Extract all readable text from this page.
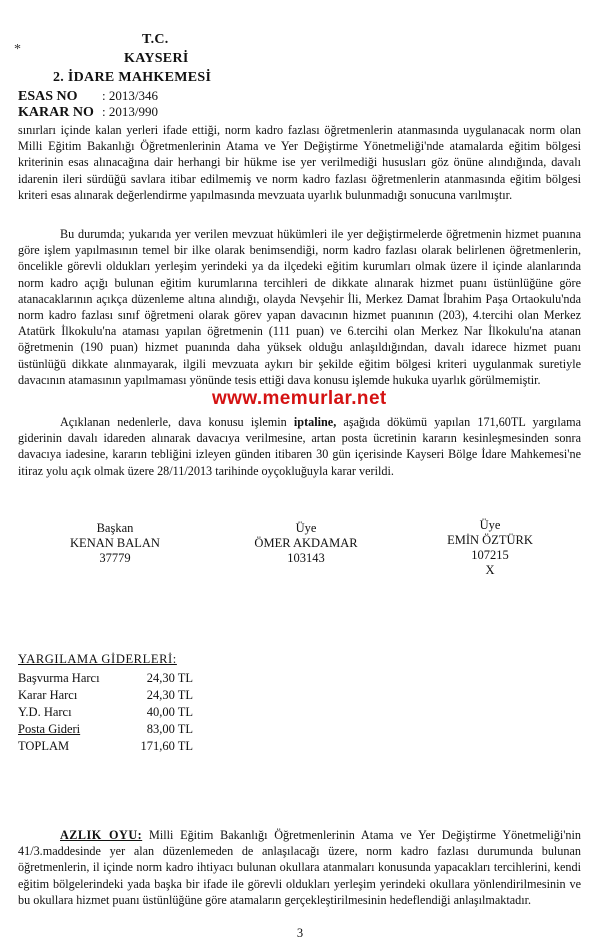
*
T.C.
KAYSERİ
2. İDARE MAHKEMESİ
ESAS NO : 2013/346
KARAR NO : 2013/990

sınırları içinde kalan yerleri ifade ettiği, norm kadro fazlası öğretmenlerin atanmasında uygulanacak norm olan Milli Eğitim Bakanlığı Öğretmenlerinin Atama ve Yer Değiştirme Yönetmeliği'nde atamalarda eğitim bölgesi kriterinin esas alınacağına dair herhangi bir hükme ise yer verilmediği hususları göz önüne alındığında, davalı idarenin ileri sürdüğü savlara itibar edilmemiş ve norm kadro fazlası öğretmenlerin atanmasında eğitim bölgesi kriteri esas alınarak değerlendirme yapılmasında mevzuata uyarlık bulunmadığı sonucuna varılmıştır.

Bu durumda; yukarıda yer verilen mevzuat hükümleri ile yer değiştirmelerde öğretmenin hizmet puanına göre işlem yapılmasının temel bir ilke olarak benimsendiği, norm kadro fazlası olarak belirlenen öğretmenlerin, öncelikle görevli oldukları yerleşim yerindeki ya da ilçedeki eğitim kurumları olmak üzere il içinde alanlarında norm kadro açığı bulunan eğitim kurumlarına tercihleri de dikkate alınarak hizmet puanı üstünlüğüne göre atanacaklarının açıkça düzenleme altına alındığı, olayda Nevşehir İli, Merkez Damat İbrahim Paşa Ortaokulu'nda norm kadro fazlası sınıf öğretmeni olarak görev yapan davacının hizmet puanının (203), 4.tercihi olan Merkez Atatürk İlkokulu'na ataması yapılan öğretmenin (111 puan) ve 6.tercihi olan Merkez Nar İlkokulu'na atanan öğretmenin (190 puan) hizmet puanında daha yüksek olduğu anlaşıldığından, davalı idarece hizmet puanı üstünlüğü dikkate alınmayarak, ilgili mevzuata aykırı bir şekilde eğitim bölgesi kriteri uygulanmak suretiyle davacının atamasının yapılmaması yönünde tesis ettiği dava konusu işlemde hukuka uyarlık görülmemiştir.

Açıklanan nedenlerle, dava konusu işlemin iptaline, aşağıda dökümü yapılan 171,60TL yargılama giderinin davalı idareden alınarak davacıya verilmesine, artan posta ücretinin kararın kesinleşmesinden sonra davacıya iadesine, kararın tebliğini izleyen günden itibaren 30 gün içerisinde Kayseri Bölge İdare Mahkemesi'ne itiraz yolu açık olmak üzere 28/11/2013 tarihinde oyçokluğuyla karar verildi.

www.memurlar.net
Başkan
KENAN BALAN
37779
Üye
ÖMER AKDAMAR
103143
Üye
EMİN ÖZTÜRK
107215
X
YARGILAMA GİDERLERİ:
Başvurma Harcı	24,30 TL
Karar Harcı	24,30 TL
Y.D. Harcı	40,00 TL
Posta Gideri	83,00 TL
TOPLAM	171,60 TL

AZLIK OYU: Milli Eğitim Bakanlığı Öğretmenlerinin Atama ve Yer Değiştirme Yönetmeliği'nin 41/3.maddesinde yer alan düzenlemeden de anlaşılacağı üzere, norm kadro fazlası durumunda bulunan öğretmenlerin, il içinde norm kadro ihtiyacı bulunan okullara atanmaları konusunda yapacakları tercihlerini, kendi eğitim bölgelerindeki yada başka bir ifade ile görevli oldukları yerleşim yerindeki okullara yönlendirilmesinin ve bu okullara hizmet puanı üstünlüğüne göre atamaların gerçekleştirilmesinin hedeflendiği anlaşılmaktadır.

3
